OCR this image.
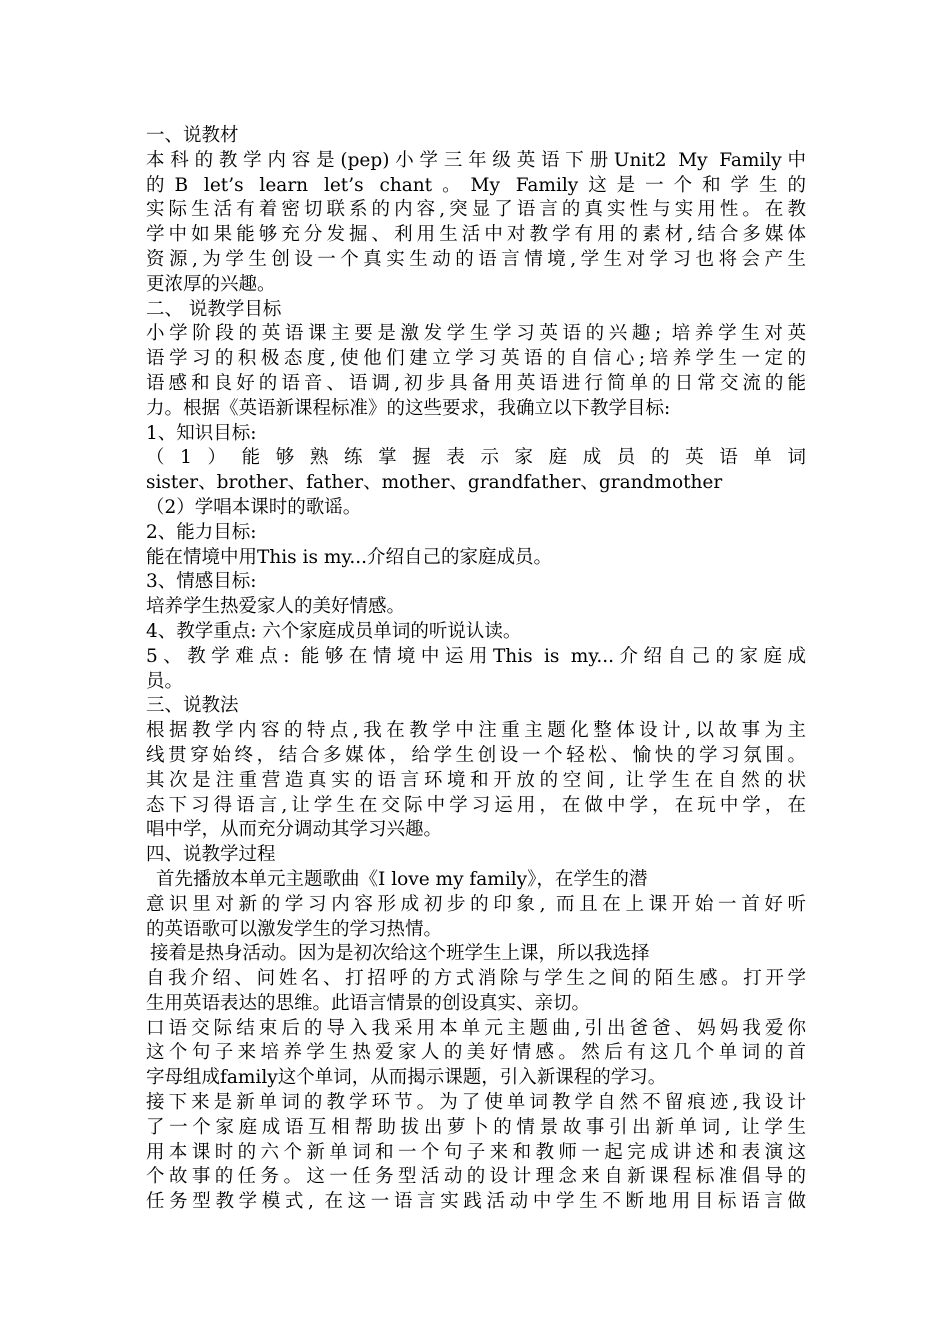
一、说教材
本科的教学内容是(pep)小学三年级英语下册Unit2 My Family中
的B let’s learn let’s chant。My Family这是一个和学生的
实际生活有着密切联系的内容,突显了语言的真实性与实用性。在教
学中如果能够充分发掘、利用生活中对教学有用的素材,结合多媒体
资源,为学生创设一个真实生动的语言情境,学生对学习也将会产生
更浓厚的兴趣。
二、 说教学目标
小学阶段的英语课主要是激发学生学习英语的兴趣; 培养学生对英
语学习的积极态度,使他们建立学习英语的自信心;培养学生一定的
语感和良好的语音、语调,初步具备用英语进行简单的日常交流的能
力。根据《英语新课程标准》的这些要求，我确立以下教学目标:
1、知识目标:
（1）能够熟练掌握表示家庭成员的英语单词
sister、brother、father、mother、grandfather、grandmother
（2）学唱本课时的歌谣。
2、能力目标:
能在情境中用This is my...介绍自己的家庭成员。
3、情感目标:
培养学生热爱家人的美好情感。
4、教学重点: 六个家庭成员单词的听说认读。
5、教学难点: 能够在情境中运用This is my...介绍自己的家庭成
员。
三、说教法
根据教学内容的特点,我在教学中注重主题化整体设计,以故事为主
线贯穿始终，结合多媒体，给学生创设一个轻松、愉快的学习氛围。
其次是注重营造真实的语言环境和开放的空间, 让学生在自然的状
态下习得语言,让学生在交际中学习运用，在做中学，在玩中学，在
唱中学，从而充分调动其学习兴趣。
四、说教学过程
首先播放本单元主题歌曲《I love my family》，在学生的潜
意识里对新的学习内容形成初步的印象, 而且在上课开始一首好听
的英语歌可以激发学生的学习热情。
接着是热身活动。因为是初次给这个班学生上课，所以我选择
自我介绍、问姓名、打招呼的方式消除与学生之间的陌生感。打开学
生用英语表达的思维。此语言情景的创设真实、亲切。
口语交际结束后的导入我采用本单元主题曲,引出爸爸、妈妈我爱你
这个句子来培养学生热爱家人的美好情感。然后有这几个单词的首
字母组成family这个单词，从而揭示课题，引入新课程的学习。
接下来是新单词的教学环节。为了使单词教学自然不留痕迹,我设计
了一个家庭成语互相帮助拔出萝卜的情景故事引出新单词, 让学生
用本课时的六个新单词和一个句子来和教师一起完成讲述和表演这
个故事的任务。这一任务型活动的设计理念来自新课程标准倡导的
任务型教学模式, 在这一语言实践活动中学生不断地用目标语言做
